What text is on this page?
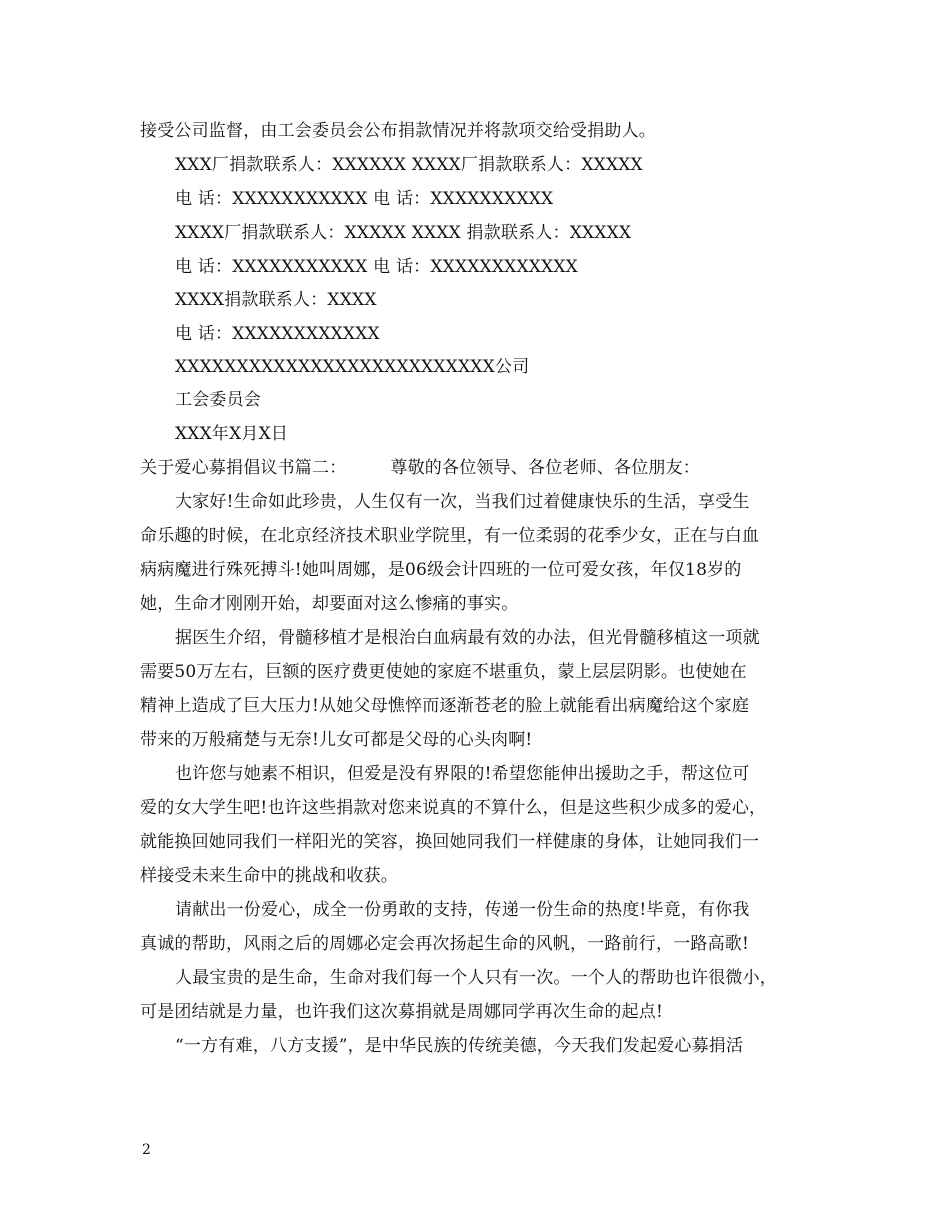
接受公司监督，由工会委员会公布捐款情况并将款项交给受捐助人。
XXX厂捐款联系人：XXXXXX XXXX厂捐款联系人：XXXXX
电 话：XXXXXXXXXXX 电 话：XXXXXXXXXX
XXXX厂捐款联系人：XXXXX XXXX 捐款联系人：XXXXX
电 话：XXXXXXXXXXX 电 话：XXXXXXXXXXXX
XXXX捐款联系人：XXXX
电 话：XXXXXXXXXXXX
XXXXXXXXXXXXXXXXXXXXXXXXXX公司
工会委员会
XXX年X月X日
关于爱心募捐倡议书篇二：	尊敬的各位领导、各位老师、各位朋友：
大家好!生命如此珍贵，人生仅有一次，当我们过着健康快乐的生活，享受生
命乐趣的时候，在北京经济技术职业学院里，有一位柔弱的花季少女，正在与白血
病病魔进行殊死搏斗!她叫周娜，是06级会计四班的一位可爱女孩，年仅18岁的
她，生命才刚刚开始，却要面对这么惨痛的事实。
据医生介绍，骨髓移植才是根治白血病最有效的办法，但光骨髓移植这一项就
需要50万左右，巨额的医疗费更使她的家庭不堪重负，蒙上层层阴影。也使她在
精神上造成了巨大压力!从她父母憔悴而逐渐苍老的脸上就能看出病魔给这个家庭
带来的万般痛楚与无奈!儿女可都是父母的心头肉啊!
也许您与她素不相识，但爱是没有界限的!希望您能伸出援助之手，帮这位可
爱的女大学生吧!也许这些捐款对您来说真的不算什么，但是这些积少成多的爱心，
就能换回她同我们一样阳光的笑容，换回她同我们一样健康的身体，让她同我们一
样接受未来生命中的挑战和收获。
请献出一份爱心，成全一份勇敢的支持，传递一份生命的热度!毕竟，有你我
真诚的帮助，风雨之后的周娜必定会再次扬起生命的风帆，一路前行，一路高歌!
人最宝贵的是生命，生命对我们每一个人只有一次。一个人的帮助也许很微小，
可是团结就是力量，也许我们这次募捐就是周娜同学再次生命的起点!
“一方有难，八方支援”，是中华民族的传统美德，今天我们发起爱心募捐活
2
